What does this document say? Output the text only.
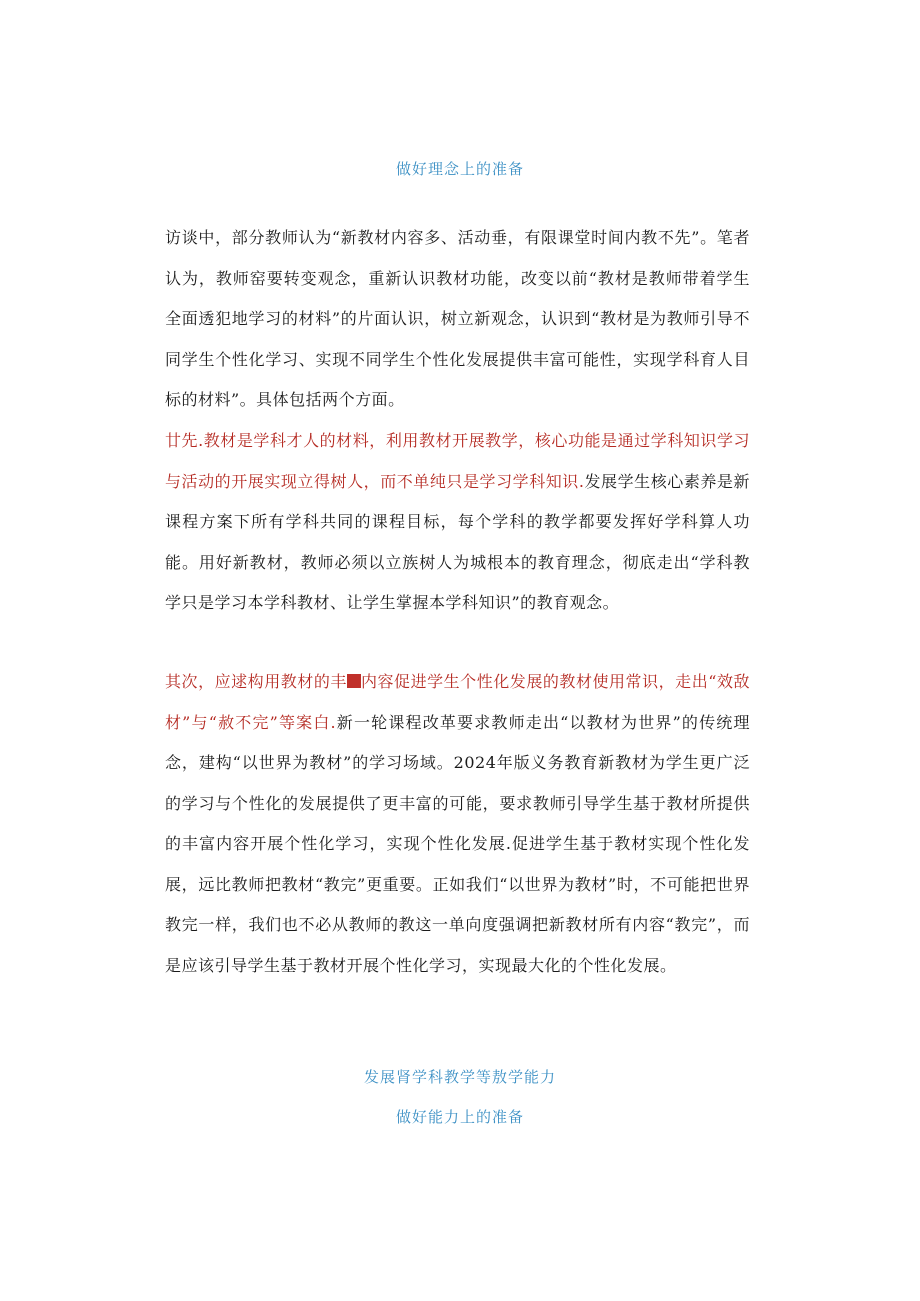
做好理念上的准备
访谈中，部分教师认为“新教材内容多、活动垂，有限课堂时间内教不先”。笔者认为，教师窑要转变观念，重新认识教材功能，改变以前“教材是教师带着学生全面透犯地学习的材料”的片面认识，树立新观念，认识到“教材是为教师引导不同学生个性化学习、实现不同学生个性化发展提供丰富可能性，实现学科育人目标的材料”。具体包括两个方面。
廿先.教材是学科才人的材料，利用教材开展教学，核心功能是通过学科知识学习与活动的开展实现立得树人，而不单纯只是学习学科知识.发展学生核心素养是新课程方案下所有学科共同的课程目标，每个学科的教学都要发挥好学科算人功能。用好新教材，教师必须以立族树人为城根本的教育理念，彻底走出“学科教学只是学习本学科教材、让学生掌握本学科知识”的教育观念。
其次，应逑构用教材的丰 内容促进学生个性化发展的教材使用常识，走出“效敌材”与“赦不完”等案白.新一轮课程改革要求教师走出“以教材为世界”的传统理念，建构“以世界为教材”的学习场域。2024年版义务教育新教材为学生更广泛的学习与个性化的发展提供了更丰富的可能，要求教师引导学生基于教材所提供的丰富内容开展个性化学习，实现个性化发展.促进学生基于教材实现个性化发展，远比教师把教材“教完”更重要。正如我们“以世界为教材”时，不可能把世界教完一样，我们也不必从教师的教这一单向度强调把新教材所有内容“教完”，而是应该引导学生基于教材开展个性化学习，实现最大化的个性化发展。
发展肾学科教学等敖学能力
做好能力上的准备
